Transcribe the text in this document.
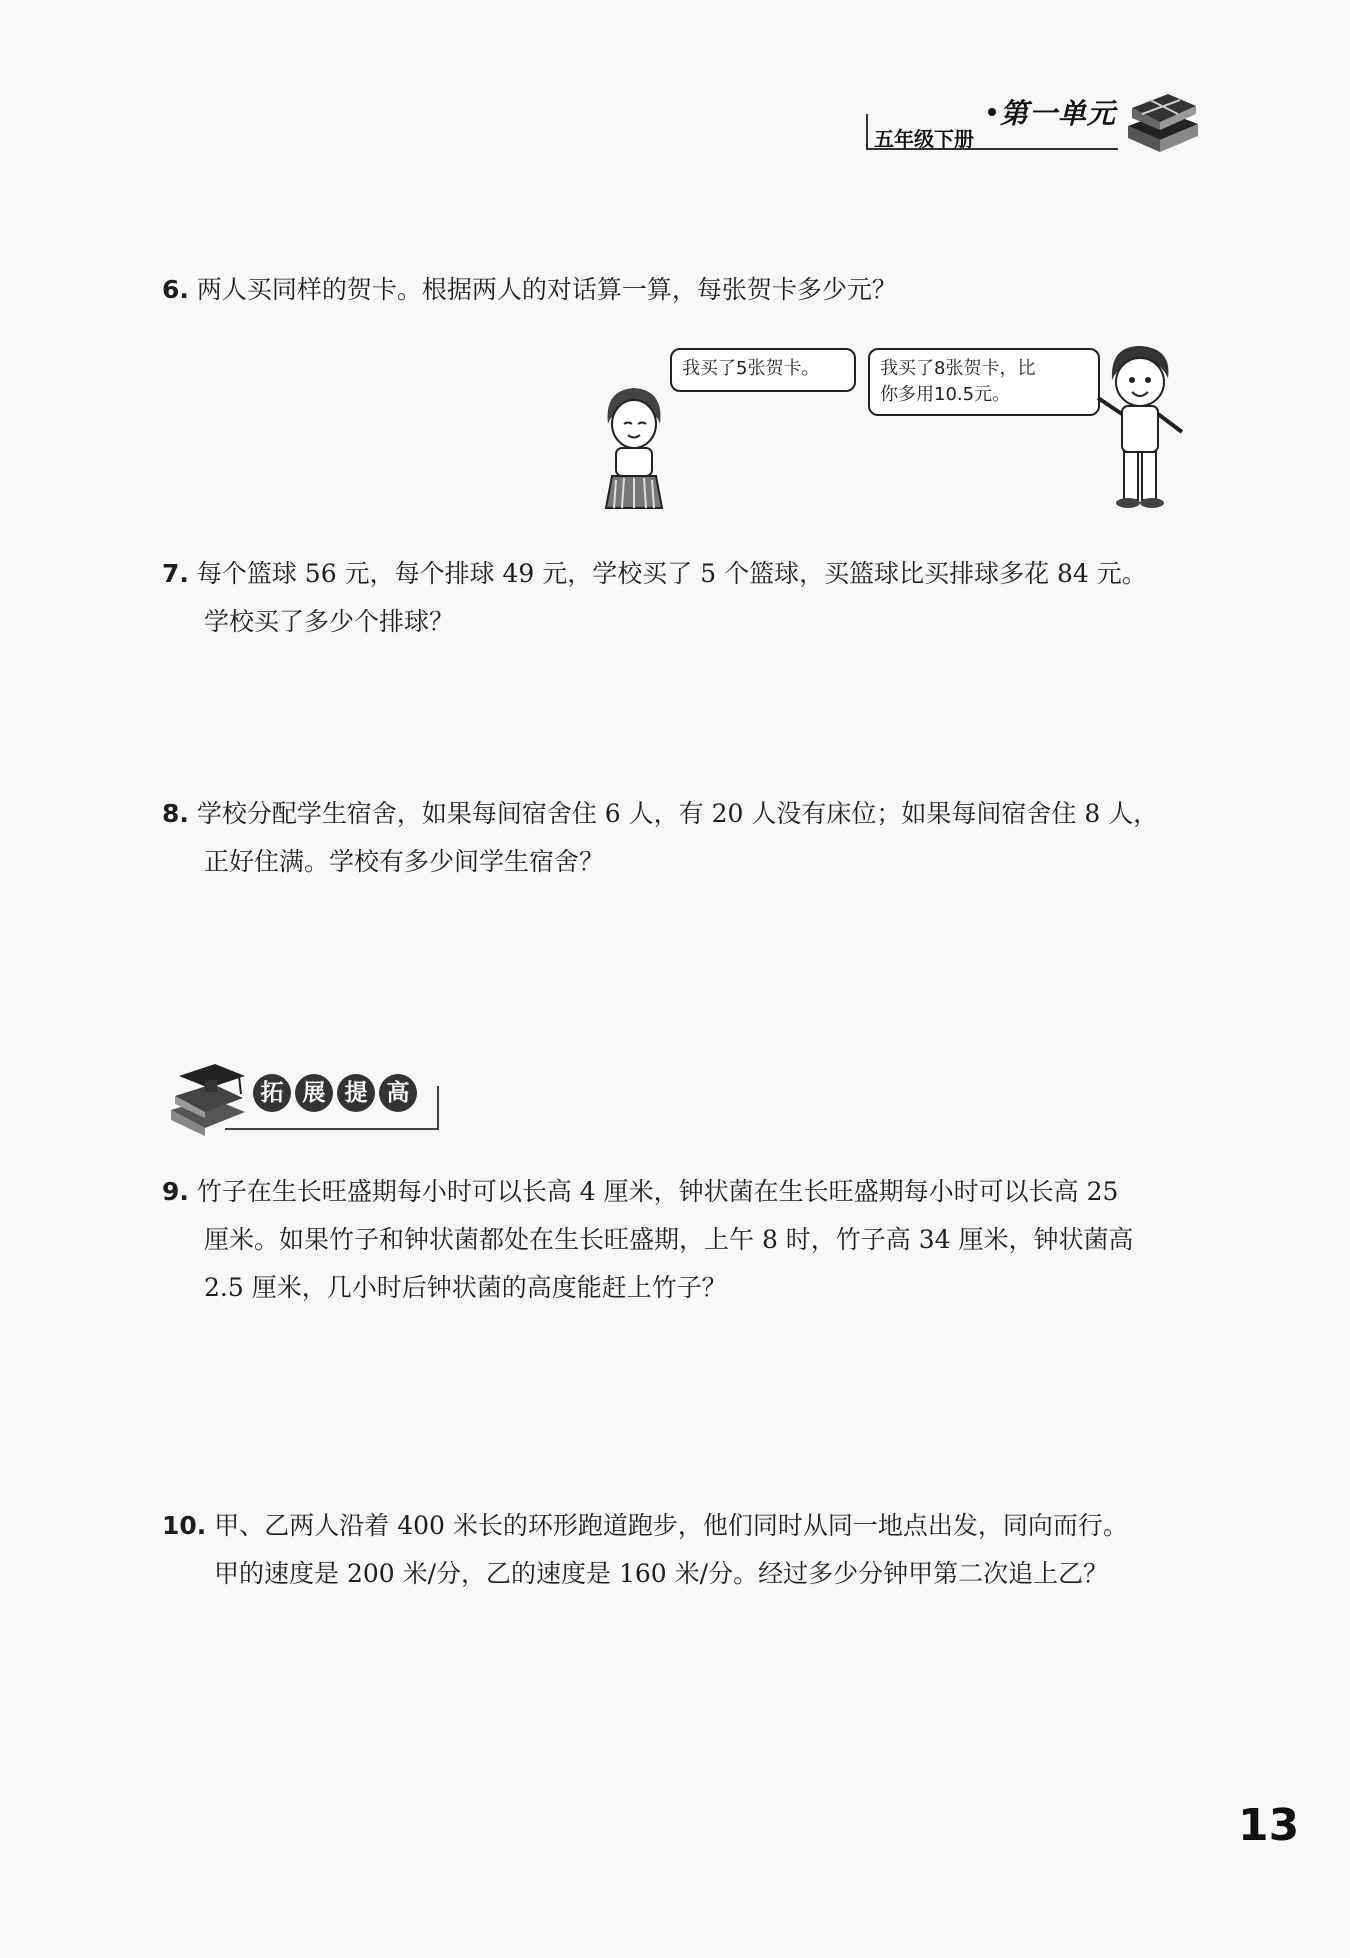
第一单元
五年级下册
6. 两人买同样的贺卡。根据两人的对话算一算，每张贺卡多少元？
我买了5张贺卡。	我买了8张贺卡，比
你多用10.5元。
7. 每个篮球 56 元，每个排球 49 元，学校买了 5 个篮球，买篮球比买排球多花 84 元。
学校买了多少个排球？
8. 学校分配学生宿舍，如果每间宿舍住 6 人，有 20 人没有床位；如果每间宿舍住 8 人，
正好住满。学校有多少间学生宿舍？
拓 展 提 高
9. 竹子在生长旺盛期每小时可以长高 4 厘米，钟状菌在生长旺盛期每小时可以长高 25
厘米。如果竹子和钟状菌都处在生长旺盛期，上午 8 时，竹子高 34 厘米，钟状菌高
2.5 厘米，几小时后钟状菌的高度能赶上竹子？
10. 甲、乙两人沿着 400 米长的环形跑道跑步，他们同时从同一地点出发，同向而行。
甲的速度是 200 米/分，乙的速度是 160 米/分。经过多少分钟甲第二次追上乙？
13
